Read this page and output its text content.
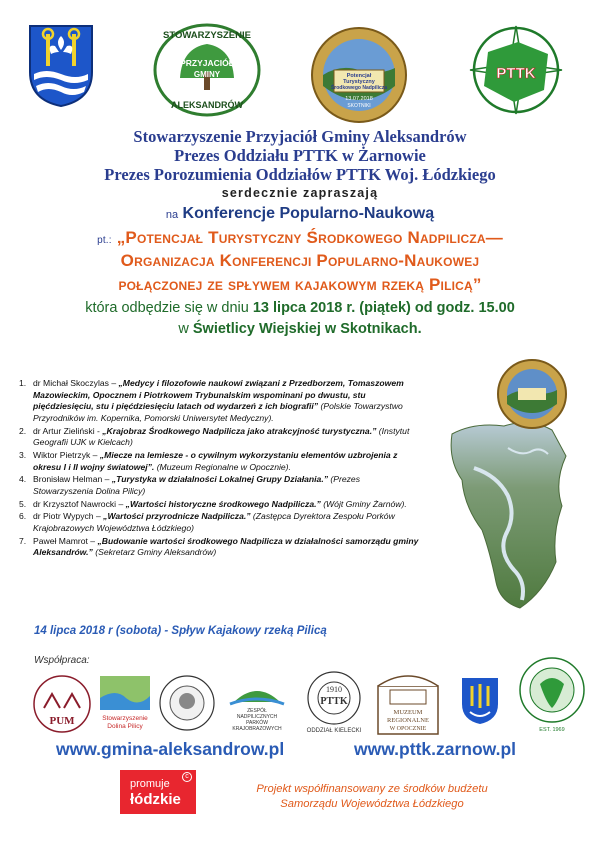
STOWARZYSZENIE
PRZYJACIÓŁ
GMINY
ALEKSANDRÓW
Potencjał
Turystyczny
Środkowego Nadpilicza
13.07.2018
SKOTNIKI
PTTK
Stowarzyszenie Przyjaciół Gminy Aleksandrów
Prezes Oddziału PTTK w Żarnowie
Prezes Porozumienia Oddziałów PTTK Woj. Łódzkiego
serdecznie zapraszają
na Konferencje Popularno-Naukową
pt.: „Potencjał Turystyczny Środkowego Nadpilicza—
Organizacja Konferencji Popularno-Naukowej
połączonej ze spływem kajakowym rzeką Pilicą”
która odbędzie się w dniu 13 lipca 2018 r. (piątek) od godz. 15.00
w Świetlicy Wiejskiej w Skotnikach.
1. dr Michał Skoczylas – „Medycy i filozofowie naukowi związani z Przedborzem, Tomaszowem Mazowieckim, Opocznem i Piotrkowem Trybunalskim wspominani po dwustu, stu pięćdziesięciu, stu i pięćdziesięciu latach od wydarzeń z ich biografii” (Polskie Towarzystwo Przyrodników im. Kopernika, Pomorski Uniwersytet Medyczny).
2. dr Artur Zieliński - „Krajobraz Środkowego Nadpilicza jako atrakcyjność turystyczna.” (Instytut Geografii UJK w Kielcach)
3. Wiktor Pietrzyk – „Miecze na lemiesze - o cywilnym wykorzystaniu elementów uzbrojenia z okresu I i II wojny światowej”. (Muzeum Regionalne w Opocznie).
4. Bronisław Helman – „Turystyka w działalności Lokalnej Grupy Działania.” (Prezes Stowarzyszenia Dolina Pilicy)
5. dr Krzysztof Nawrocki – „Wartości historyczne środkowego Nadpilicza.” (Wójt Gminy Żarnów).
6. dr Piotr Wypych – „Wartości przyrodnicze Nadpilicza.” (Zastępca Dyrektora Zespołu Porków Krajobrazowych Województwa Łódzkiego)
7. Paweł Mamrot – „Budowanie wartości środkowego Nadpilicza w działalności samorządu gminy Aleksandrów.” (Sekretarz Gminy Aleksandrów)
14 lipca 2018 r (sobota) - Spływ Kajakowy rzeką Pilicą
Współpraca:
PUM	Stowarzyszenie
Dolina Pilicy
ZESPÓŁ
NADPILICZNYCH
PARKÓW
KRAJOBRAZOWYCH
1910
PTTK
ODDZIAŁ KIELECKI
MUZEUM
REGIONALNE
W OPOCZNIE	EST. 1969
www.gmina-aleksandrow.pl	www.pttk.zarnow.pl
promuje
łódzkie
c
Projekt współfinansowany ze środków budżetu
Samorządu Województwa Łódzkiego
